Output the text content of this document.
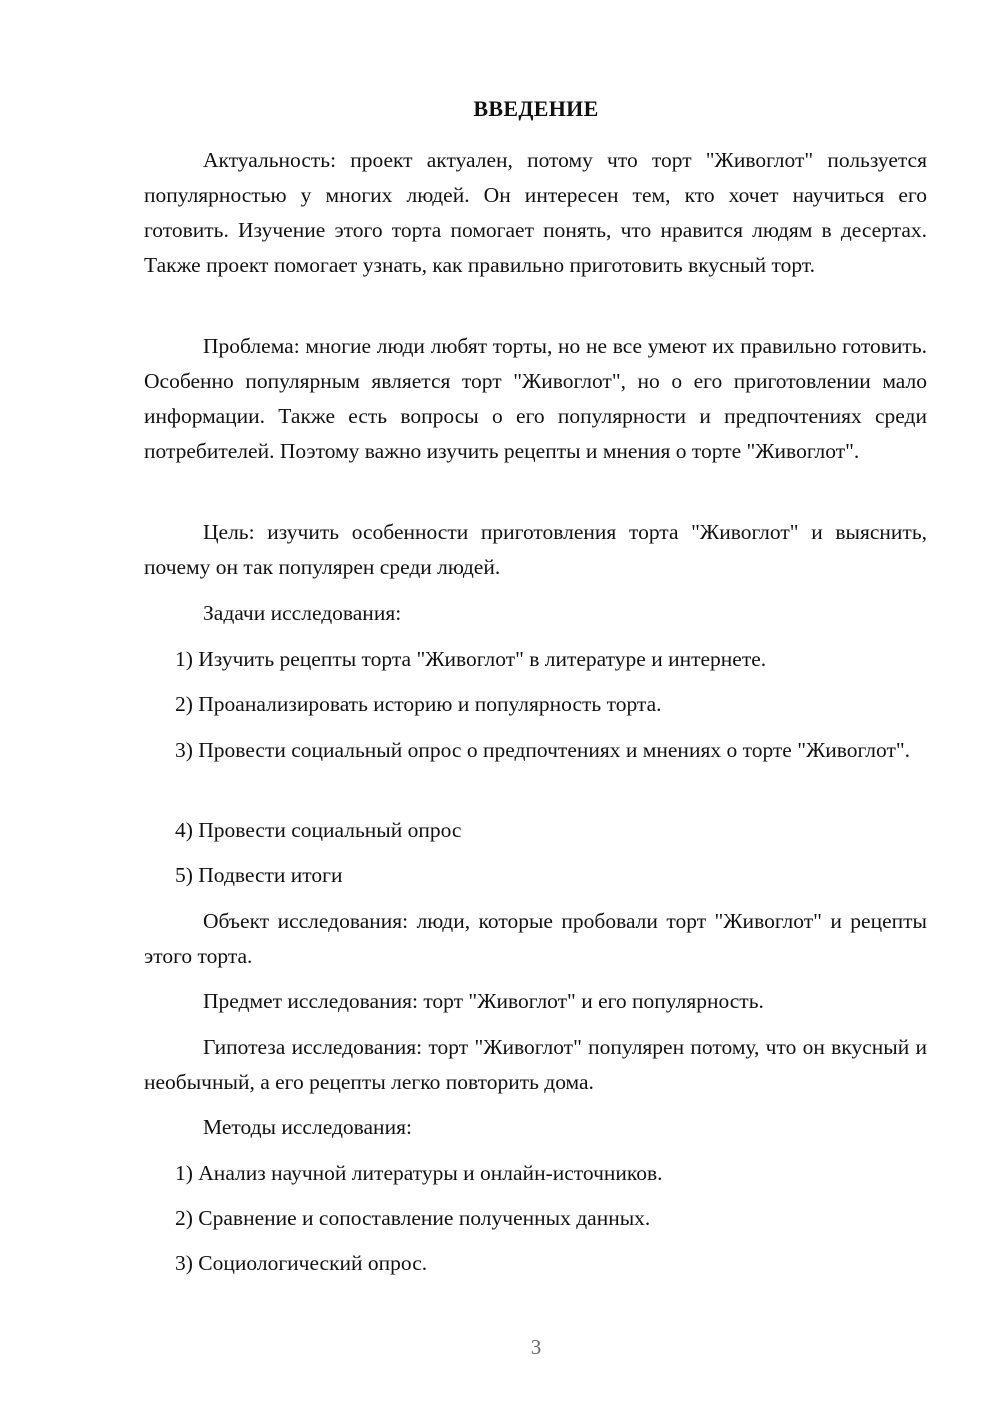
ВВЕДЕНИЕ

Актуальность: проект актуален, потому что торт "Живоглот" пользуется популярностью у многих людей. Он интересен тем, кто хочет научиться его готовить. Изучение этого торта помогает понять, что нравится людям в десертах. Также проект помогает узнать, как правильно приготовить вкусный торт.

Проблема: многие люди любят торты, но не все умеют их правильно готовить. Особенно популярным является торт "Живоглот", но о его приготовлении мало информации. Также есть вопросы о его популярности и предпочтениях среди потребителей. Поэтому важно изучить рецепты и мнения о торте "Живоглот".

Цель: изучить особенности приготовления торта "Живоглот" и выяснить, почему он так популярен среди людей.

Задачи исследования:

1) Изучить рецепты торта "Живоглот" в литературе и интернете.

2) Проанализировать историю и популярность торта.

3) Провести социальный опрос о предпочтениях и мнениях о торте "Живоглот".

4) Провести социальный опрос

5) Подвести итоги

Объект исследования: люди, которые пробовали торт "Живоглот" и рецепты этого торта.

Предмет исследования: торт "Живоглот" и его популярность.

Гипотеза исследования: торт "Живоглот" популярен потому, что он вкусный и необычный, а его рецепты легко повторить дома.

Методы исследования:

1) Анализ научной литературы и онлайн-источников.

2) Сравнение и сопоставление полученных данных.

3) Социологический опрос.

3
